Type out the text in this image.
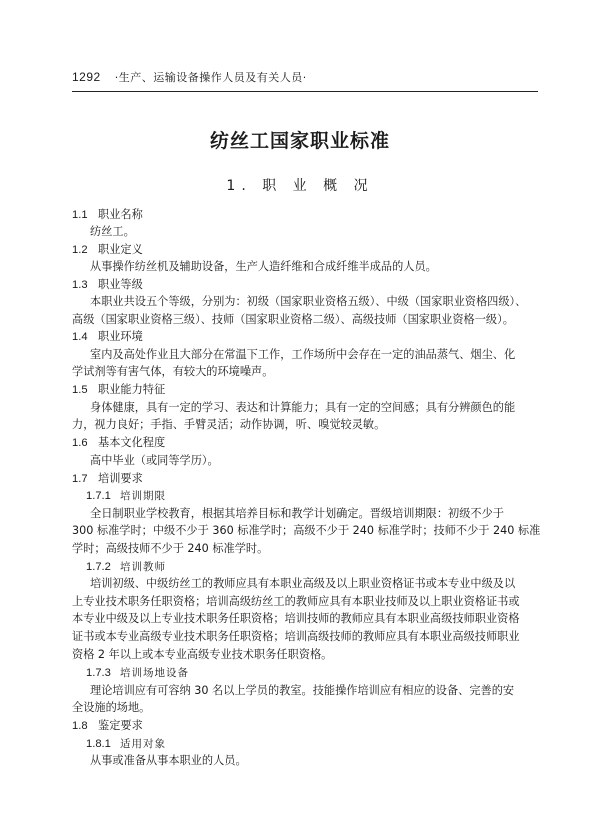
1292 ·生产、运输设备操作人员及有关人员·
纺丝工国家职业标准
1. 职 业 概 况
1.1 职业名称
纺丝工。
1.2 职业定义
从事操作纺丝机及辅助设备，生产人造纤维和合成纤维半成品的人员。
1.3 职业等级
本职业共设五个等级，分别为：初级（国家职业资格五级）、中级（国家职业资格四级）、
高级（国家职业资格三级）、技师（国家职业资格二级）、高级技师（国家职业资格一级）。
1.4 职业环境
室内及高处作业且大部分在常温下工作，工作场所中会存在一定的油品蒸气、烟尘、化
学试剂等有害气体，有较大的环境噪声。
1.5 职业能力特征
身体健康，具有一定的学习、表达和计算能力；具有一定的空间感；具有分辨颜色的能
力，视力良好；手指、手臂灵活；动作协调，听、嗅觉较灵敏。
1.6 基本文化程度
高中毕业（或同等学历）。
1.7 培训要求
1.7.1 培训期限
全日制职业学校教育，根据其培养目标和教学计划确定。晋级培训期限：初级不少于
300 标准学时；中级不少于 360 标准学时；高级不少于 240 标准学时；技师不少于 240 标准
学时；高级技师不少于 240 标准学时。
1.7.2 培训教师
培训初级、中级纺丝工的教师应具有本职业高级及以上职业资格证书或本专业中级及以
上专业技术职务任职资格；培训高级纺丝工的教师应具有本职业技师及以上职业资格证书或
本专业中级及以上专业技术职务任职资格；培训技师的教师应具有本职业高级技师职业资格
证书或本专业高级专业技术职务任职资格；培训高级技师的教师应具有本职业高级技师职业
资格 2 年以上或本专业高级专业技术职务任职资格。
1.7.3 培训场地设备
理论培训应有可容纳 30 名以上学员的教室。技能操作培训应有相应的设备、完善的安
全设施的场地。
1.8 鉴定要求
1.8.1 适用对象
从事或准备从事本职业的人员。
